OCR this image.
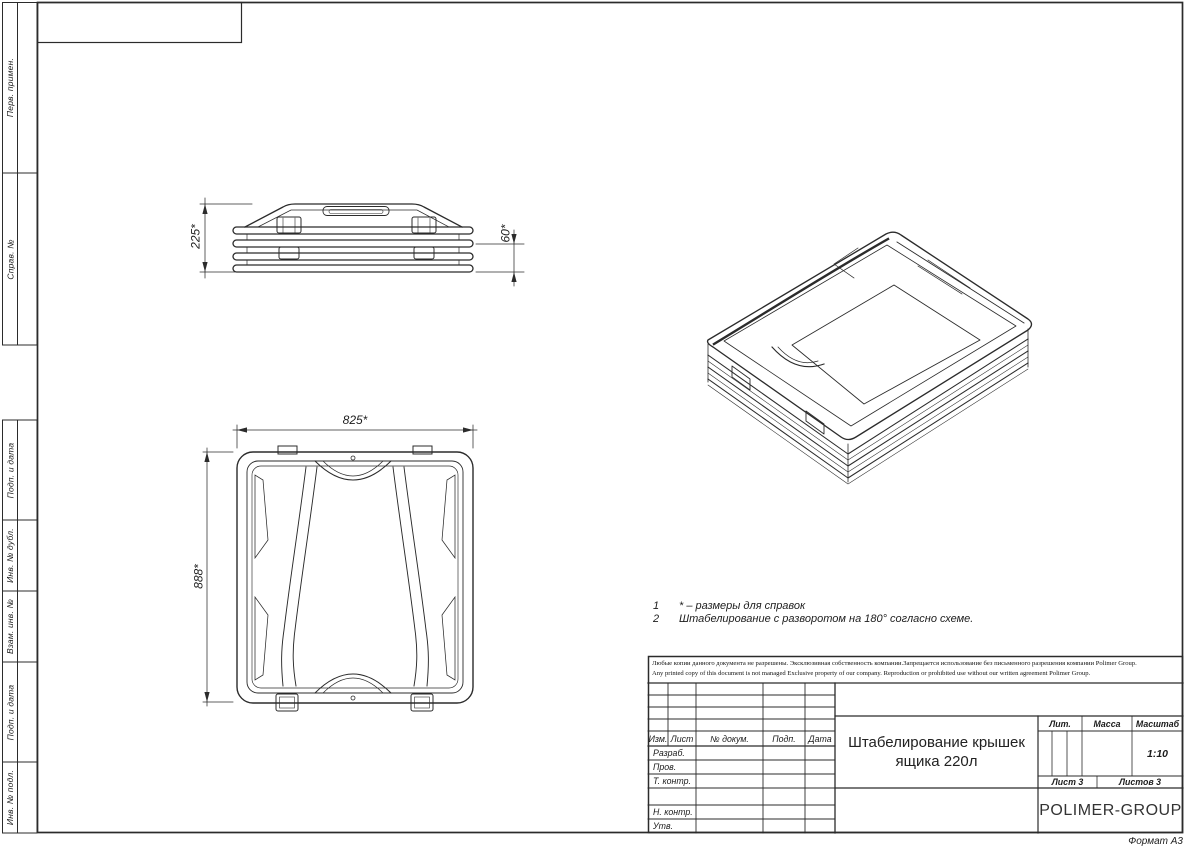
Перв. примен.
Справ. №
Подп. и дата
Инв. № дубл.
Взам. инв. №
Подп. и дата
Инв. № подл.
225*	60*
825*
888*
1	* – размеры для справок
2	Штабелирование с разворотом на 180° согласно схеме.
Любые копии данного документа не разрешены. Эксклюзивная собственность компании.Запрещается использование без письменного разрешения компании Polimer Group.
Any printed copy of this document is not managed Exclusive property of our company. Reproduction or prohibited use without our written agreement Polimer Group.
Изм. Лист	№ докум.	Подп.	Дата
Разраб.
Пров.
Т. контр.
Н. контр.
Утв.
Штабелирование крышек
ящика 220л
Лит.	Масса	Масштаб
1:10
Лист 3	Листов 3
POLIMER-GROUP
Формат А3
